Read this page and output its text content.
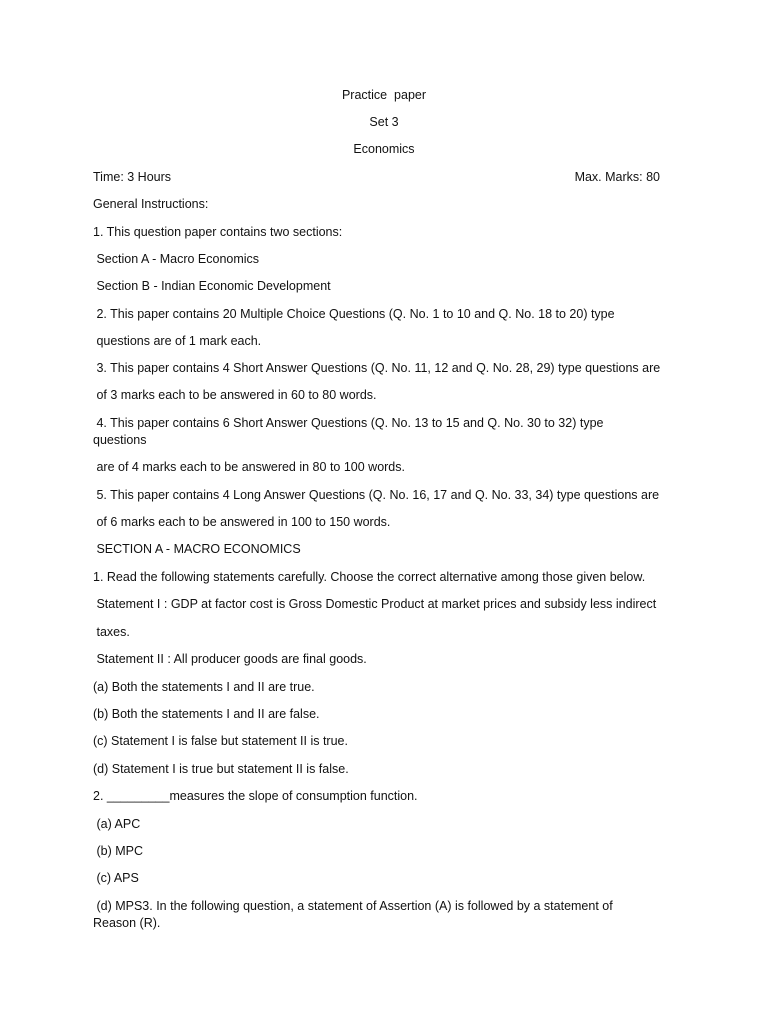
Practice  paper

Set 3

Economics

Time: 3 Hours

	Max. Marks: 80

General Instructions:

1. This question paper contains two sections:

Section A - Macro Economics

Section B - Indian Economic Development

2. This paper contains 20 Multiple Choice Questions (Q. No. 1 to 10 and Q. No. 18 to 20) type

questions are of 1 mark each.

3. This paper contains 4 Short Answer Questions (Q. No. 11, 12 and Q. No. 28, 29) type questions are

of 3 marks each to be answered in 60 to 80 words.

4. This paper contains 6 Short Answer Questions (Q. No. 13 to 15 and Q. No. 30 to 32) type

questions

are of 4 marks each to be answered in 80 to 100 words.

5. This paper contains 4 Long Answer Questions (Q. No. 16, 17 and Q. No. 33, 34) type questions are

of 6 marks each to be answered in 100 to 150 words.

SECTION A - MACRO ECONOMICS

1. Read the following statements carefully. Choose the correct alternative among those given below.

Statement I : GDP at factor cost is Gross Domestic Product at market prices and subsidy less indirect

taxes.

Statement II : All producer goods are final goods.

(a) Both the statements I and II are true.

(b) Both the statements I and II are false.

(c) Statement I is false but statement II is true.

(d) Statement I is true but statement II is false.

2. _________measures the slope of consumption function.

(a) APC

(b) MPC

(c) APS

(d) MPS3. In the following question, a statement of Assertion (A) is followed by a statement of

Reason (R).
